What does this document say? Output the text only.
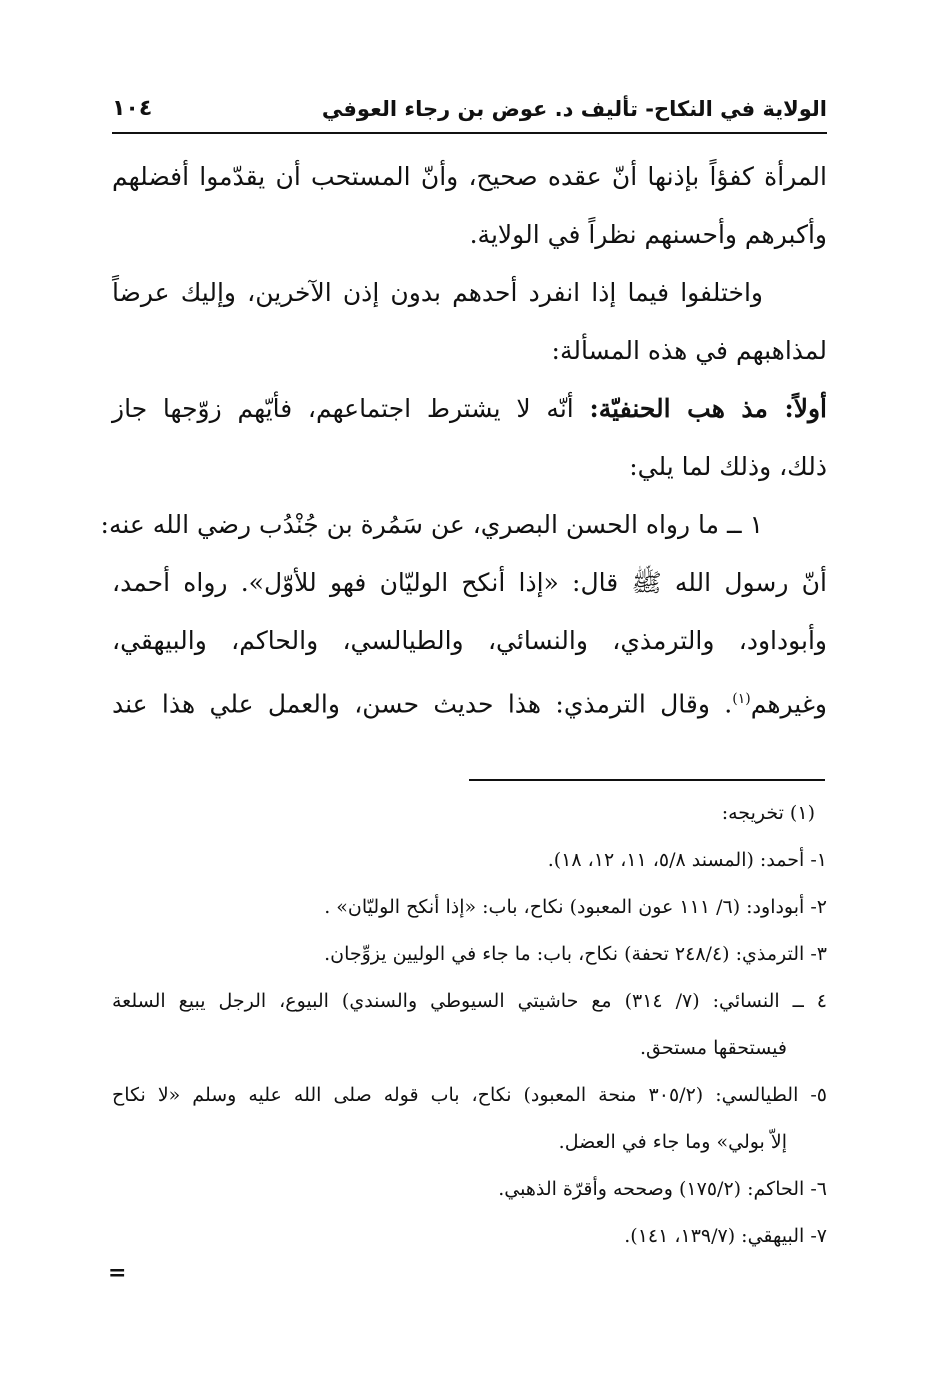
الولاية في النكاح- تأليف د. عوض بن رجاء العوفي
١٠٤
المرأة كفؤاً بإذنها أنّ عقده صحيح، وأنّ المستحب أن يقدّموا أفضلهم
وأكبرهم وأحسنهم نظراً في الولاية.
واختلفوا فيما إذا انفرد أحدهم بدون إذن الآخرين، وإليك عرضاً
لمذاهبهم في هذه المسألة:
أولاً: مذ هب الحنفيّة: أنّه لا يشترط اجتماعهم، فأيّهم زوّجها جاز
ذلك، وذلك لما يلي:
١ ــ ما رواه الحسن البصري، عن سَمُرة بن جُنْدُب رضي الله عنه:
أنّ رسول الله ﷺ قال: «إذا أنكح الوليّان فهو للأوّل». رواه أحمد،
وأبوداود، والترمذي، والنسائي، والطيالسي، والحاكم، والبيهقي،
وغيرهم$^{(١)}$. وقال الترمذي: هذا حديث حسن، والعمل علي هذا عند
(١) تخريجه:
١- أحمد: (المسند ٥/٨، ١١، ١٢، ١٨).
٢- أبوداود: (٦/ ١١١ عون المعبود) نكاح، باب: «إذا أنكح الوليّان» .
٣- الترمذي: (٢٤٨/٤ تحفة) نكاح، باب: ما جاء في الوليين يزوِّجان.
٤ ــ النسائي: (٧/ ٣١٤) مع حاشيتي السيوطي والسندي) البيوع، الرجل يبيع السلعة
فيستحقها مستحق.
٥- الطيالسي: (٣٠٥/٢ منحة المعبود) نكاح، باب قوله صلى الله عليه وسلم «لا نكاح
إلاّ بولي» وما جاء في العضل.
٦- الحاكم: (١٧٥/٢) وصححه وأقرّة الذهبي.
٧- البيهقي: (١٣٩/٧، ١٤١).
=
